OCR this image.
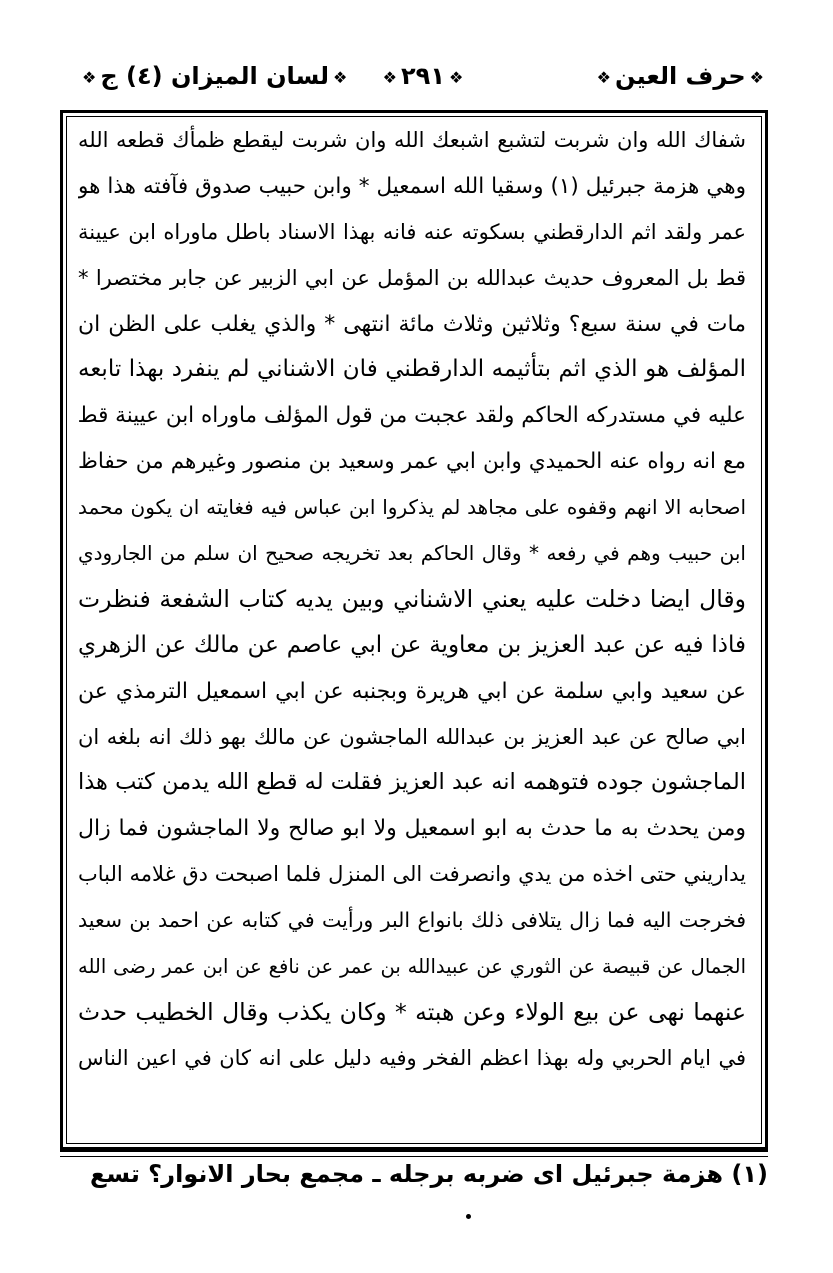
❖حرف العين❖
❖٢٩١❖
❖لسان الميزان (٤) ج❖
شفاك الله وان شربت لتشبع اشبعك الله وان شربت ليقطع ظمأك قطعه الله
وهي هزمة جبرئيل (١) وسقيا الله اسمعيل * وابن حبيب صدوق فآفته هذا هو
عمر ولقد اثم الدارقطني بسكوته عنه فانه بهذا الاسناد باطل ماوراه ابن عيينة
قط بل المعروف حديث عبدالله بن المؤمل عن ابي الزبير عن جابر مختصرا *
مات في سنة سبع؟ وثلاثين وثلاث مائة انتهى * والذي يغلب على الظن ان
المؤلف هو الذي اثم بتأثيمه الدارقطني فان الاشناني لم ينفرد بهذا تابعه
عليه في مستدركه الحاكم ولقد عجبت من قول المؤلف ماوراه ابن عيينة قط
مع انه رواه عنه الحميدي وابن ابي عمر وسعيد بن منصور وغيرهم من حفاظ
اصحابه الا انهم وقفوه على مجاهد لم يذكروا ابن عباس فيه فغايته ان يكون محمد
ابن حبيب وهم في رفعه * وقال الحاكم بعد تخريجه صحيح ان سلم من الجارودي
وقال ايضا دخلت عليه يعني الاشناني وبين يديه كتاب الشفعة فنظرت
فاذا فيه عن عبد العزيز بن معاوية عن ابي عاصم عن مالك عن الزهري
عن سعيد وابي سلمة عن ابي هريرة وبجنبه عن ابي اسمعيل الترمذي عن
ابي صالح عن عبد العزيز بن عبدالله الماجشون عن مالك بهو ذلك انه بلغه ان
الماجشون جوده فتوهمه انه عبد العزيز فقلت له قطع الله يدمن كتب هذا
ومن يحدث به ما حدث به ابو اسمعيل ولا ابو صالح ولا الماجشون فما زال
يداريني حتى اخذه من يدي وانصرفت الى المنزل فلما اصبحت دق غلامه الباب
فخرجت اليه فما زال يتلافى ذلك بانواع البر ورأيت في كتابه عن احمد بن سعيد
الجمال عن قبيصة عن الثوري عن عبيدالله بن عمر عن نافع عن ابن عمر رضى الله
عنهما نهى عن بيع الولاء وعن هبته * وكان يكذب وقال الخطيب حدث
في ايام الحربي وله بهذا اعظم الفخر وفيه دليل على انه كان في اعين الناس
(١) هزمة جبرئيل اى ضربه برجله ـ مجمع بحار الانوار
؟ تسع
